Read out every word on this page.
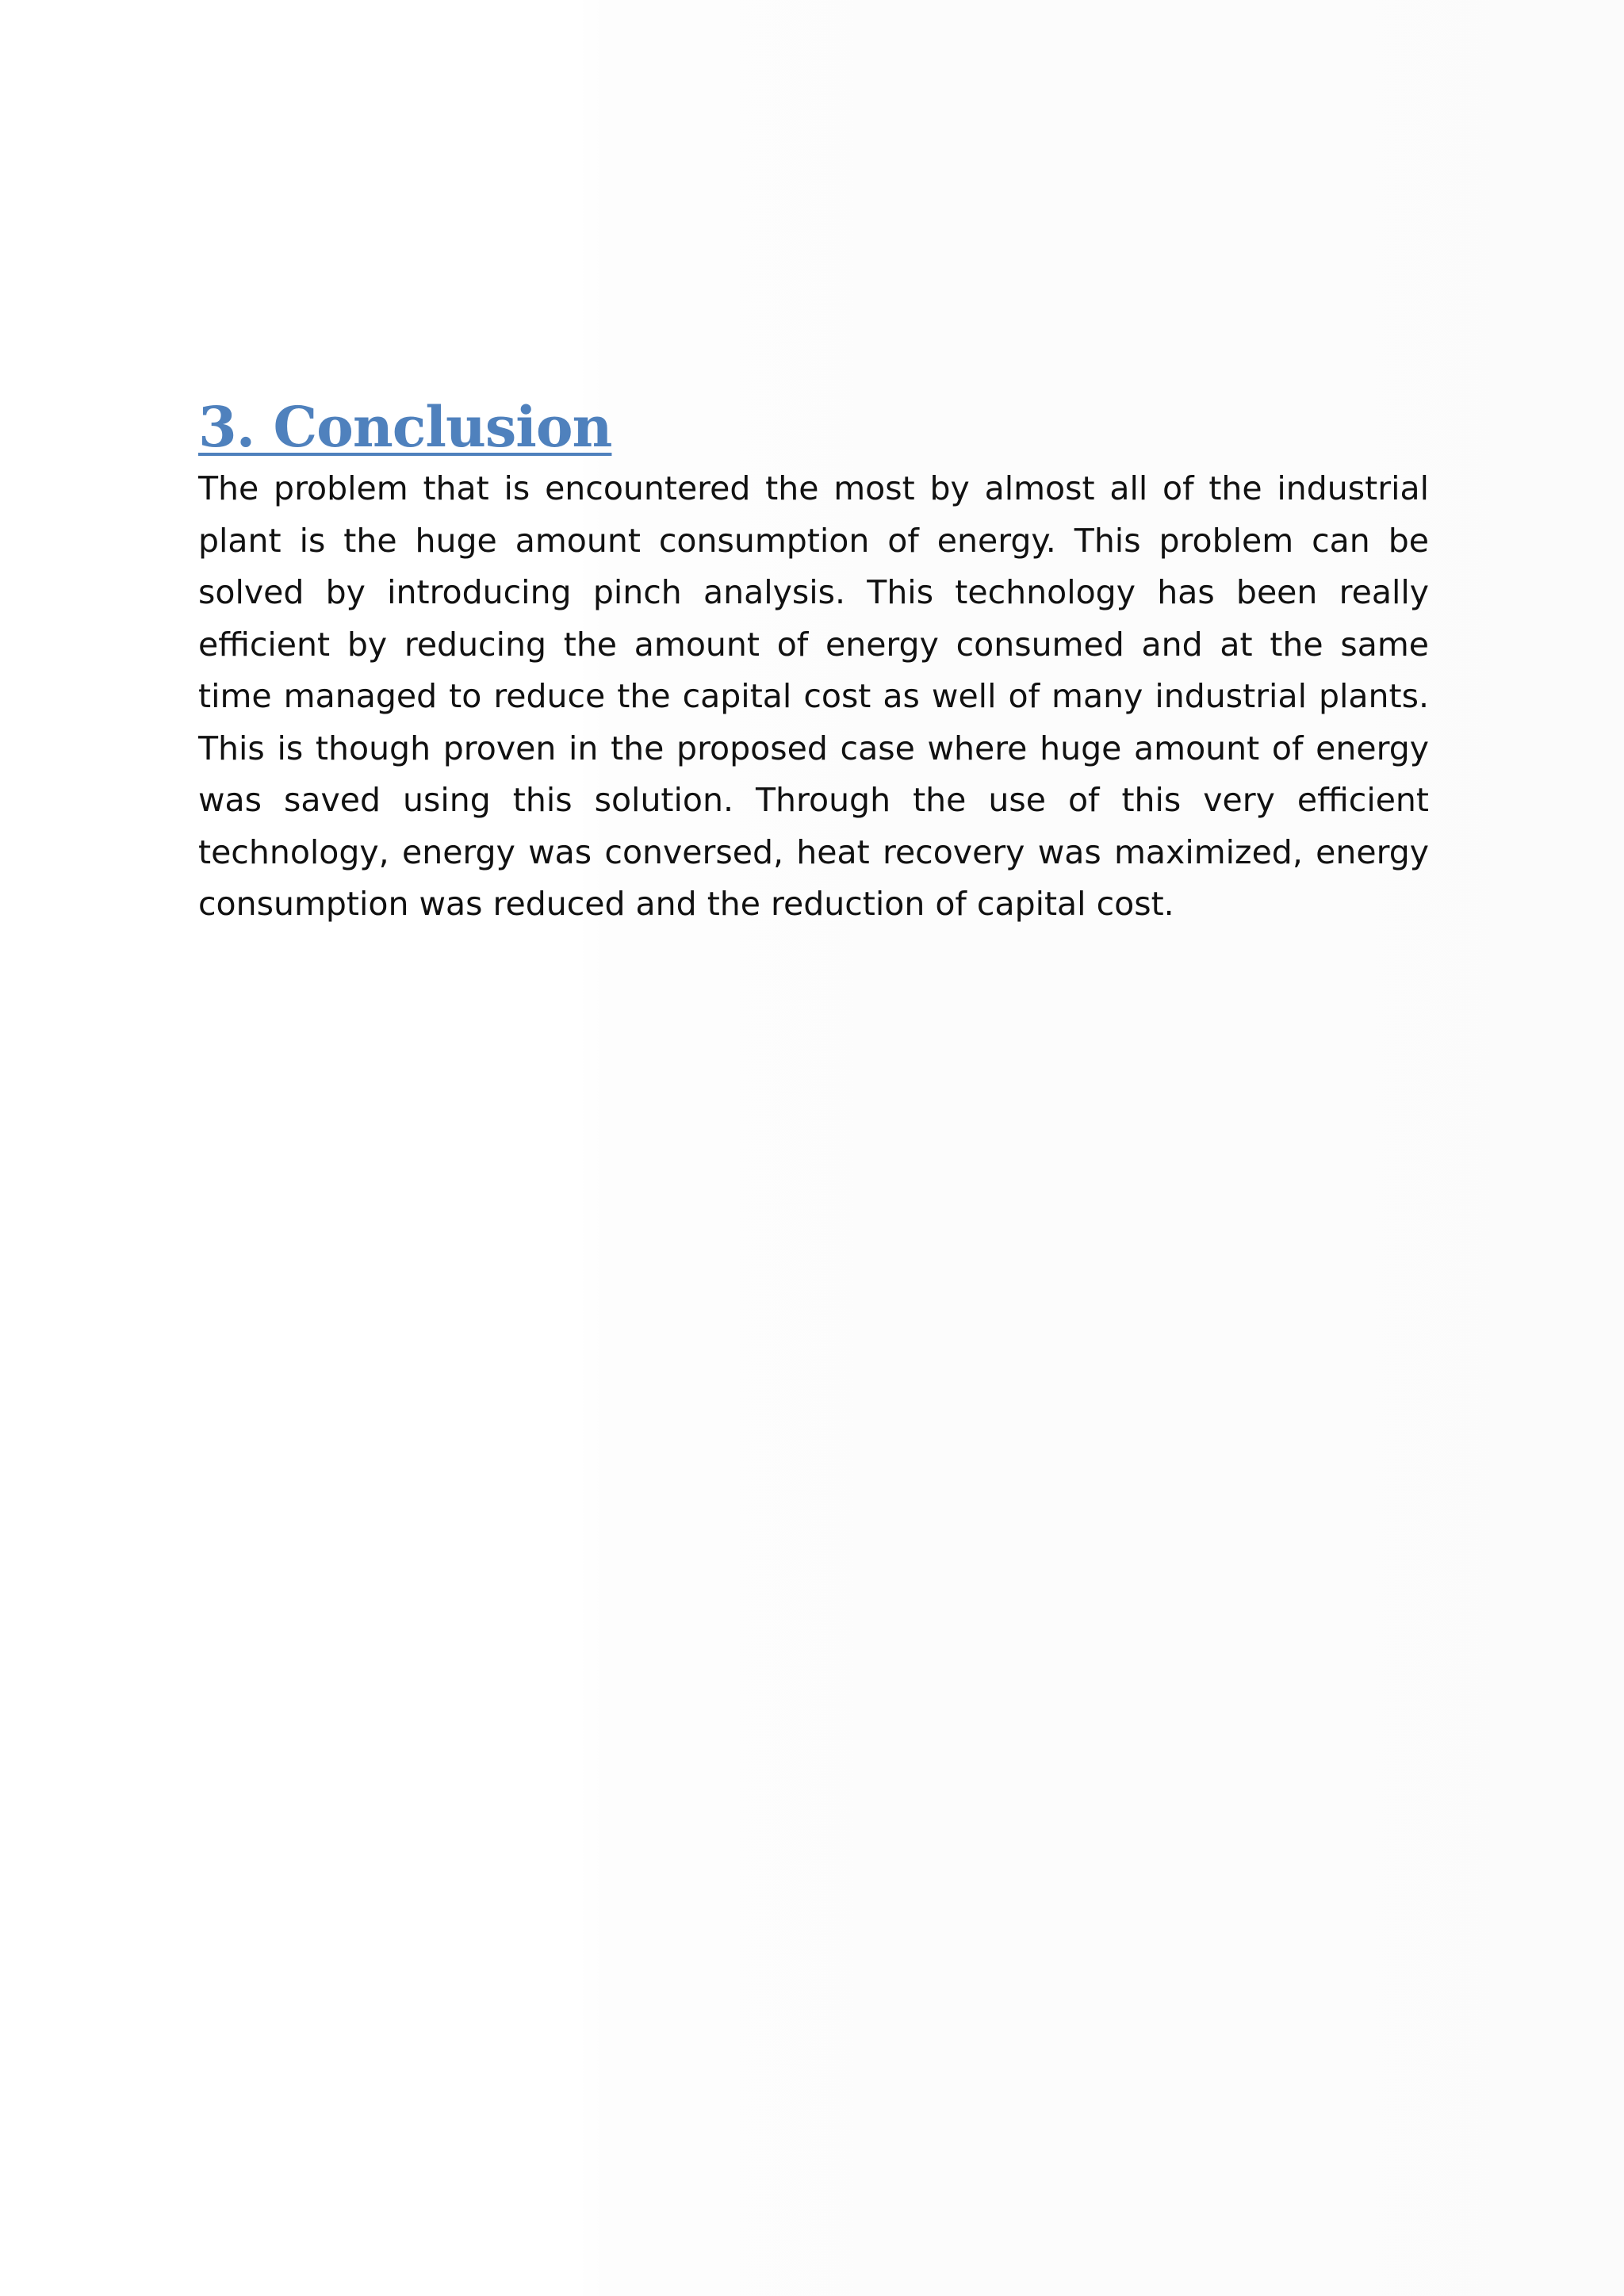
3. Conclusion

The problem that is encountered the most by almost all of the industrial plant is the huge amount consumption of energy. This problem can be solved by introducing pinch analysis. This technology has been really efficient by reducing the amount of energy consumed and at the same time managed to reduce the capital cost as well of many industrial plants. This is though proven in the proposed case where huge amount of energy was saved using this solution. Through the use of this very efficient technology, energy was conversed, heat recovery was maximized, energy consumption was reduced and the reduction of capital cost.
